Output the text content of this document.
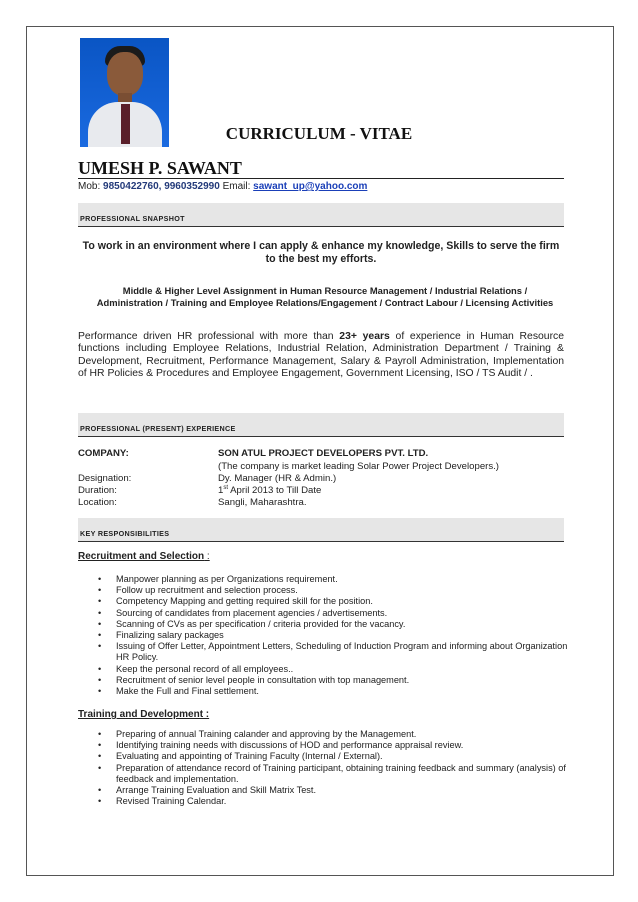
CURRICULUM - VITAE
UMESH P. SAWANT
Mob: 9850422760, 9960352990 Email: sawant_up@yahoo.com
PROFESSIONAL SNAPSHOT
To work in an environment where I can apply & enhance my knowledge, Skills to serve the firm to the best my efforts.
Middle & Higher Level Assignment in Human Resource Management / Industrial Relations / Administration / Training and Employee Relations/Engagement / Contract Labour / Licensing Activities
Performance driven HR professional with more than 23+ years of experience in Human Resource functions including Employee Relations, Industrial Relation, Administration Department / Training & Development, Recruitment, Performance Management, Salary & Payroll Administration, Implementation of HR Policies & Procedures and Employee Engagement, Government Licensing, ISO / TS Audit / .
PROFESSIONAL (PRESENT) EXPERIENCE
COMPANY:	SON ATUL PROJECT DEVELOPERS PVT. LTD.
(The company is market leading Solar Power Project Developers.)
Designation:	Dy. Manager (HR & Admin.)
Duration:	1st April 2013 to Till Date
Location:	Sangli, Maharashtra.
KEY RESPONSIBILITIES
Recruitment and Selection :
• Manpower planning as per Organizations requirement.
• Follow up recruitment and selection process.
• Competency Mapping and getting required skill for the position.
• Sourcing of candidates from placement agencies / advertisements.
• Scanning of CVs as per specification / criteria provided for the vacancy.
• Finalizing salary packages
• Issuing of Offer Letter, Appointment Letters, Scheduling of Induction Program and informing about Organization HR Policy.
• Keep the personal record of all employees..
• Recruitment of senior level people in consultation with top management.
• Make the Full and Final settlement.
Training and Development :
• Preparing of annual Training calander and approving by the Management.
• Identifying training needs with discussions of HOD and performance appraisal review.
• Evaluating and appointing of Training Faculty (Internal / External).
• Preparation of attendance record of Training participant, obtaining training feedback and summary (analysis) of feedback and implementation.
• Arrange Training Evaluation and Skill Matrix Test.
• Revised Training Calendar.
